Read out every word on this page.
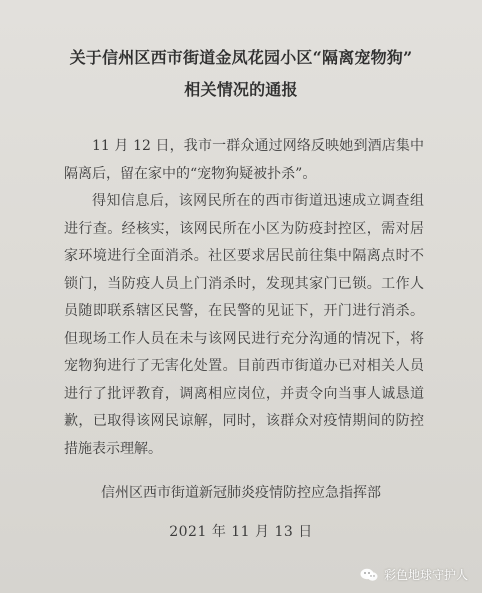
关于信州区西市街道金凤花园小区“隔离宠物狗”
相关情况的通报

11 月 12 日，我市一群众通过网络反映她到酒店集中隔离后，留在家中的“宠物狗疑被扑杀”。

得知信息后，该网民所在的西市街道迅速成立调查组进行查。经核实，该网民所在小区为防疫封控区，需对居家环境进行全面消杀。社区要求居民前往集中隔离点时不锁门，当防疫人员上门消杀时，发现其家门已锁。工作人员随即联系辖区民警，在民警的见证下，开门进行消杀。但现场工作人员在未与该网民进行充分沟通的情况下，将宠物狗进行了无害化处置。目前西市街道办已对相关人员进行了批评教育，调离相应岗位，并责令向当事人诚恳道歉，已取得该网民谅解，同时，该群众对疫情期间的防控措施表示理解。

信州区西市街道新冠肺炎疫情防控应急指挥部
2021 年 11 月 13 日
彩色地球守护人
